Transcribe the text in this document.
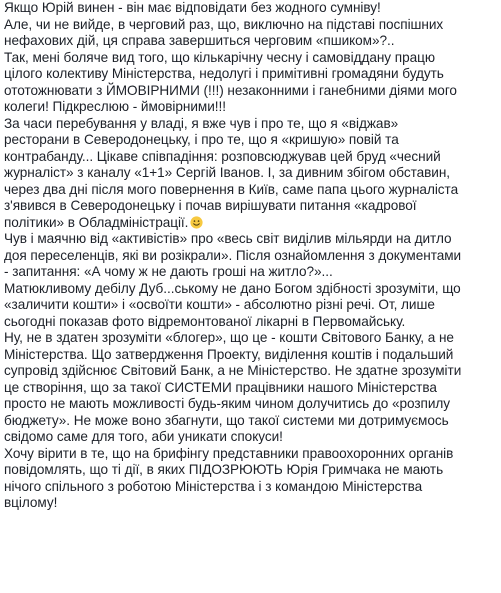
Якщо Юрій винен - він має відповідати без жодного сумніву!
Але, чи не вийде, в черговий раз, що, виключно на підставі поспішних
нефахових дій, ця справа завершиться черговим «пшиком»?..
Так, мені боляче вид того, що кількарічну чесну і самовіддану працю
цілого колективу Міністерства, недолугі і примітивні громадяни будуть
ототожнювати з ЙМОВІРНИМИ (!!!) незаконними і ганебними діями мого
колеги! Підкреслюю - ймовірними!!!
За часи перебування у владі, я вже чув і про те, що я «віджав»
ресторани в Северодонецьку, і про те, що я «кришую» повій та
контрабанду... Цікаве співпадіння: розповсюджував цей бруд «чесний
журналіст» з каналу «1+1» Сергій Іванов. І, за дивним збігом обставин,
через два дні після мого повернення в Київ, саме папа цього журналіста
з'явився в Северодонецьку і почав вирішувати питання «кадрової
політики» в Обладміністрації.
Чув і маячню від «активістів» про «весь світ виділив мільярди на дитло
доя переселенців, які ви розікрали». Після ознайомлення з документами
- запитання: «А чому ж не дають гроші на житло?»...
Матюкливому дебілу Дуб...ському не дано Богом здібності зрозуміти, що
«заличити кошти» і «освоїти кошти» - абсолютно різні речі. От, лише
сьогодні показав фото відремонтованої лікарні в Первомайську.
Ну, не в здатен зрозуміти «блогер», що це - кошти Світового Банку, а не
Міністерства. Що затвердження Проекту, виділення коштів і подальший
супровід здійснює Світовий Банк, а не Міністерство. Не здатне зрозуміти
це створіння, що за такої СИСТЕМИ працівники нашого Міністерства
просто не мають можливості будь-яким чином долучитись до «розпилу
бюджету». Не може воно збагнути, що такої системи ми дотримуємось
свідомо саме для того, аби уникати спокуси!
Хочу вірити в те, що на брифінгу представники правоохоронних органів
повідомлять, що ті дії, в яких ПІДОЗРЮЮТЬ Юрія Гримчака не мають
нічого спільного з роботою Міністерства і з командою Міністерства
вцілому!
